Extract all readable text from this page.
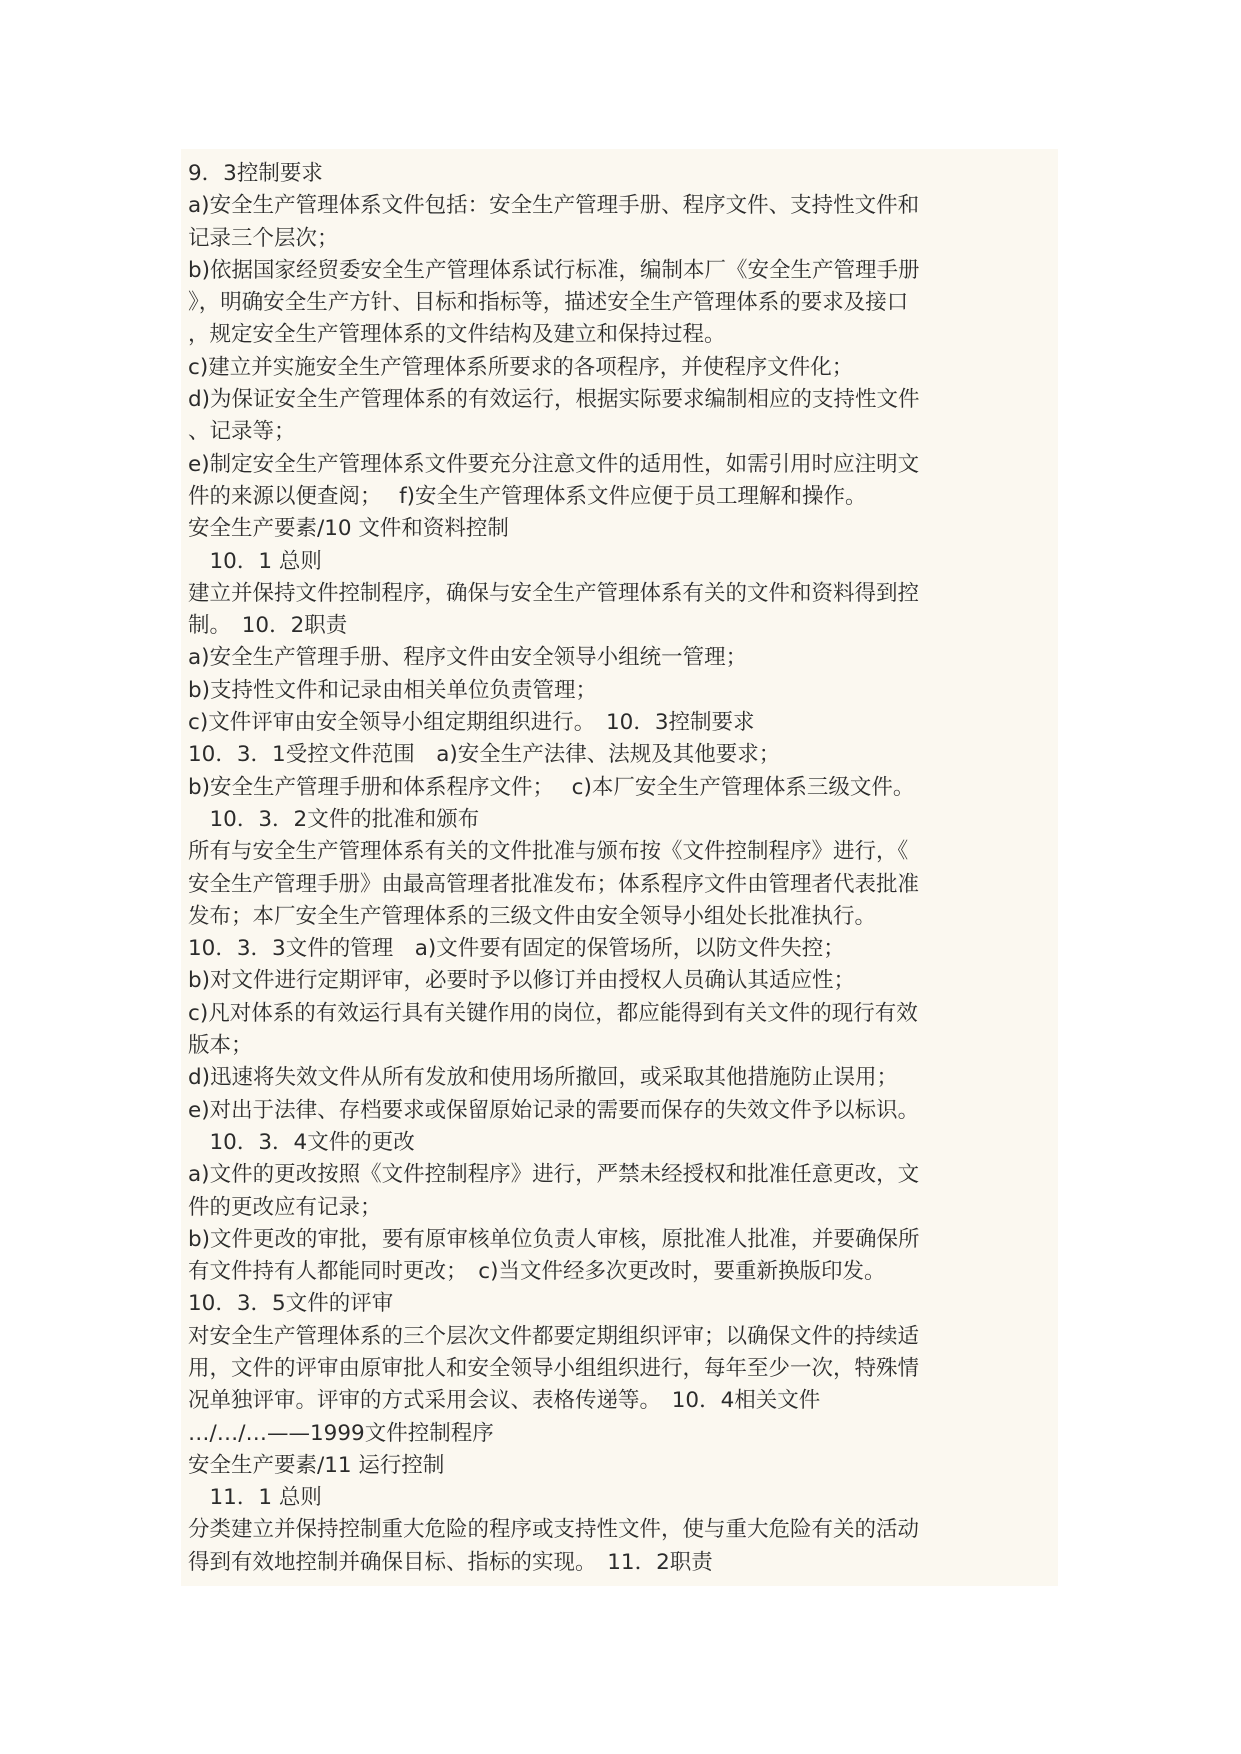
9．3控制要求
a)安全生产管理体系文件包括：安全生产管理手册、程序文件、支持性文件和
记录三个层次；
b)依据国家经贸委安全生产管理体系试行标准，编制本厂《安全生产管理手册
》，明确安全生产方针、目标和指标等，描述安全生产管理体系的要求及接口
，规定安全生产管理体系的文件结构及建立和保持过程。
c)建立并实施安全生产管理体系所要求的各项程序，并使程序文件化；
d)为保证安全生产管理体系的有效运行，根据实际要求编制相应的支持性文件
、记录等；
e)制定安全生产管理体系文件要充分注意文件的适用性，如需引用时应注明文
件的来源以便查阅；　 f)安全生产管理体系文件应便于员工理解和操作。
安全生产要素/10 文件和资料控制
　10．1 总则
建立并保持文件控制程序，确保与安全生产管理体系有关的文件和资料得到控
制。　10．2职责
a)安全生产管理手册、程序文件由安全领导小组统一管理；
b)支持性文件和记录由相关单位负责管理；
c)文件评审由安全领导小组定期组织进行。　10．3控制要求
10．3．1受控文件范围　a)安全生产法律、法规及其他要求；
b)安全生产管理手册和体系程序文件；　 c)本厂安全生产管理体系三级文件。
　10．3．2文件的批准和颁布
所有与安全生产管理体系有关的文件批准与颁布按《文件控制程序》进行，《
安全生产管理手册》由最高管理者批准发布；体系程序文件由管理者代表批准
发布；本厂安全生产管理体系的三级文件由安全领导小组处长批准执行。
10．3．3文件的管理　a)文件要有固定的保管场所，以防文件失控；
b)对文件进行定期评审，必要时予以修订并由授权人员确认其适应性；
c)凡对体系的有效运行具有关键作用的岗位，都应能得到有关文件的现行有效
版本；
d)迅速将失效文件从所有发放和使用场所撤回，或采取其他措施防止误用；
e)对出于法律、存档要求或保留原始记录的需要而保存的失效文件予以标识。
　10．3．4文件的更改
a)文件的更改按照《文件控制程序》进行，严禁未经授权和批准任意更改，文
件的更改应有记录；
b)文件更改的审批，要有原审核单位负责人审核，原批准人批准，并要确保所
有文件持有人都能同时更改；　c)当文件经多次更改时，要重新换版印发。
10．3．5文件的评审
对安全生产管理体系的三个层次文件都要定期组织评审；以确保文件的持续适
用，文件的评审由原审批人和安全领导小组组织进行，每年至少一次，特殊情
况单独评审。评审的方式采用会议、表格传递等。　10．4相关文件
…/…/…——1999文件控制程序
安全生产要素/11 运行控制
　11．1 总则
分类建立并保持控制重大危险的程序或支持性文件，使与重大危险有关的活动
得到有效地控制并确保目标、指标的实现。　11．2职责
